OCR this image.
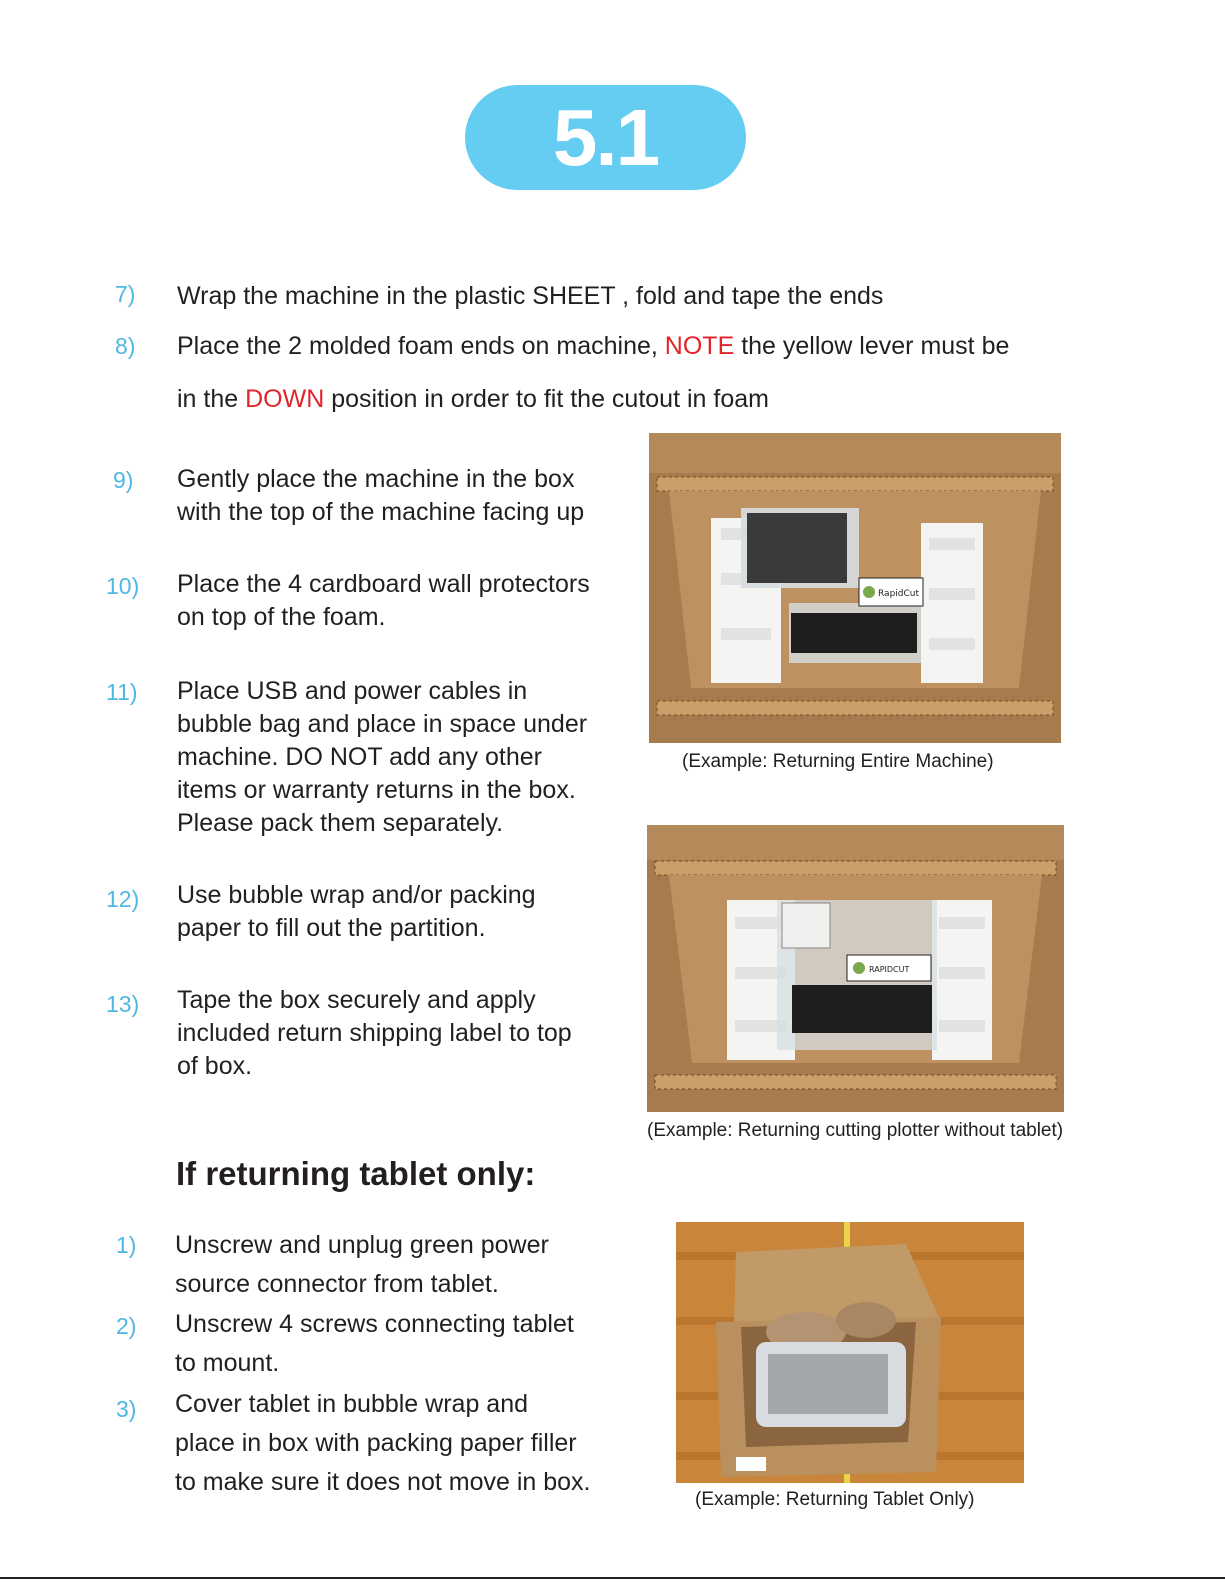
5.1
7) Wrap the machine in the plastic SHEET , fold and tape the ends
8) Place the 2 molded foam ends on machine, NOTE the yellow lever must be
in the DOWN position in order to fit the cutout in foam
9) Gently place the machine in the box
with the top of the machine facing up
10) Place the 4 cardboard wall protectors
on top of the foam.
11) Place USB and power cables in
bubble bag and place in space under
machine. DO NOT add any other
items or warranty returns in the box.
Please pack them separately.
12) Use bubble wrap and/or packing
paper to fill out the partition.
13) Tape the box securely and apply
included return shipping label to top
of box.
If returning tablet only:
1) Unscrew and unplug green power
source connector from tablet.
2) Unscrew 4 screws connecting tablet
to mount.
3) Cover tablet in bubble wrap and
place in box with packing paper filler
to make sure it does not move in box.
RapidCut
(Example: Returning Entire Machine)
RAPIDCUT
(Example: Returning cutting plotter without tablet)
(Example: Returning Tablet Only)
